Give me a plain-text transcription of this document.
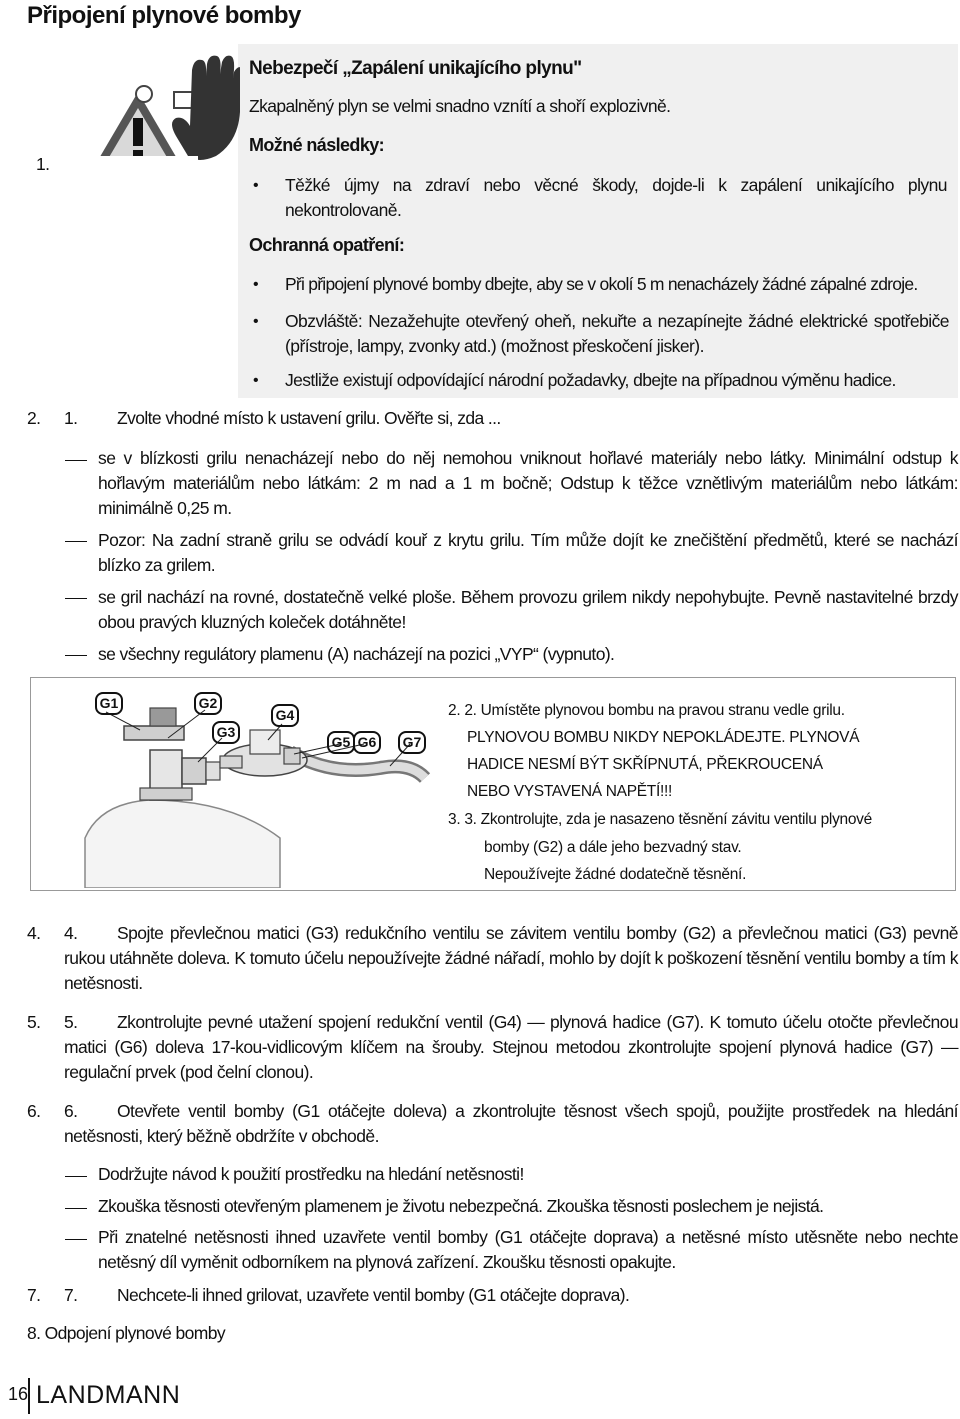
Připojení plynové bomby
1.
Nebezpečí „Zapálení unikajícího plynu"
Zkapalněný plyn se velmi snadno vznítí a shoří explozivně.
Možné následky:
• Těžké újmy na zdraví nebo věcné škody, dojde-li k zapálení unikajícího plynu nekontrolovaně.
Ochranná opatření:
• Při připojení plynové bomby dbejte, aby se v okolí 5 m nenacházely žádné zápalné zdroje.
• Obzvláště: Nezažehujte otevřený oheň, nekuřte a nezapínejte žádné elektrické spotřebiče (přístroje, lampy, zvonky atd.) (možnost přeskočení jisker).
• Jestliže existují odpovídající národní požadavky, dbejte na případnou výměnu hadice.
2. 1. Zvolte vhodné místo k ustavení grilu. Ověřte si, zda ...
se v blízkosti grilu nenacházejí nebo do něj nemohou vniknout hořlavé materiály nebo látky. Minimální odstup k hořlavým materiálům nebo látkám: 2 m nad a 1 m bočně; Odstup k těžce vznětlivým materiálům nebo látkám: minimálně 0,25 m.
Pozor: Na zadní straně grilu se odvádí kouř z krytu grilu. Tím může dojít ke znečištění předmětů, které se nachází blízko za grilem.
se gril nachází na rovné, dostatečně velké ploše. Během provozu grilem nikdy nepohybujte. Pevně nastavitelné brzdy obou pravých kluzných koleček dotáhněte!
se všechny regulátory plamenu (A) nacházejí na pozici „VYP“ (vypnuto).
G1	G2
G3
G4
G5 G6	G7
2. 2. Umístěte plynovou bombu na pravou stranu vedle grilu.
PLYNOVOU BOMBU NIKDY NEPOKLÁDEJTE. PLYNOVÁ
HADICE NESMÍ BÝT SKŘÍPNUTÁ, PŘEKROUCENÁ
NEBO VYSTAVENÁ NAPĚTÍ!!!
3. 3. Zkontrolujte, zda je nasazeno těsnění závitu ventilu plynové
bomby (G2) a dále jeho bezvadný stav.
Nepoužívejte žádné dodatečně těsnění.
4. 4.	Spojte převlečnou matici (G3) redukčního ventilu se závitem ventilu bomby (G2) a převlečnou matici (G3) pevně rukou utáhněte doleva. K tomuto účelu nepoužívejte žádné nářadí, mohlo by dojít k poškození těsnění ventilu bomby a tím k netěsnosti.
5. 5.	Zkontrolujte pevné utažení spojení redukční ventil (G4) — plynová hadice (G7). K tomuto účelu otočte převlečnou matici (G6) doleva 17-kou-vidlicovým klíčem na šrouby. Stejnou metodou zkontrolujte spojení plynová hadice (G7) — regulační prvek (pod čelní clonou).
6. 6.	Otevřete ventil bomby (G1 otáčejte doleva) a zkontrolujte těsnost všech spojů, použijte prostředek na hledání netěsnosti, který běžně obdržíte v obchodě.
Dodržujte návod k použití prostředku na hledání netěsnosti!
Zkouška těsnosti otevřeným plamenem je životu nebezpečná. Zkouška těsnosti poslechem je nejistá.
Při znatelné netěsnosti ihned uzavřete ventil bomby (G1 otáčejte doprava) a netěsné místo utěsněte nebo nechte netěsný díl vyměnit odborníkem na plynová zařízení. Zkoušku těsnosti opakujte.
7. 7. Nechcete-li ihned grilovat, uzavřete ventil bomby (G1 otáčejte doprava).
8. Odpojení plynové bomby
16 LANDMANN
